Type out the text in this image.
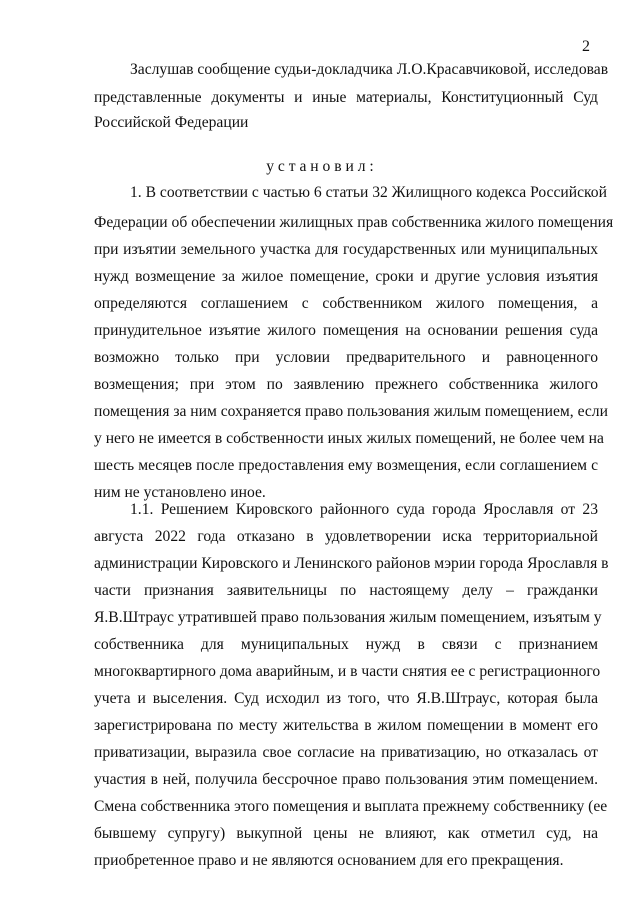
2
Заслушав сообщение судьи-докладчика Л.О.Красавчиковой, исследовав
представленные документы и иные материалы, Конституционный Суд
Российской Федерации
у с т а н о в и л :
1. В соответствии с частью 6 статьи 32 Жилищного кодекса Российской
Федерации об обеспечении жилищных прав собственника жилого помещения
при изъятии земельного участка для государственных или муниципальных
нужд возмещение за жилое помещение, сроки и другие условия изъятия
определяются соглашением с собственником жилого помещения, а
принудительное изъятие жилого помещения на основании решения суда
возможно только при условии предварительного и равноценного
возмещения; при этом по заявлению прежнего собственника жилого
помещения за ним сохраняется право пользования жилым помещением, если
у него не имеется в собственности иных жилых помещений, не более чем на
шесть месяцев после предоставления ему возмещения, если соглашением с
ним не установлено иное.
1.1. Решением Кировского районного суда города Ярославля от 23
августа 2022 года отказано в удовлетворении иска территориальной
администрации Кировского и Ленинского районов мэрии города Ярославля в
части признания заявительницы по настоящему делу – гражданки
Я.В.Штраус утратившей право пользования жилым помещением, изъятым у
собственника для муниципальных нужд в связи с признанием
многоквартирного дома аварийным, и в части снятия ее с регистрационного
учета и выселения. Суд исходил из того, что Я.В.Штраус, которая была
зарегистрирована по месту жительства в жилом помещении в момент его
приватизации, выразила свое согласие на приватизацию, но отказалась от
участия в ней, получила бессрочное право пользования этим помещением.
Смена собственника этого помещения и выплата прежнему собственнику (ее
бывшему супругу) выкупной цены не влияют, как отметил суд, на
приобретенное право и не являются основанием для его прекращения.
